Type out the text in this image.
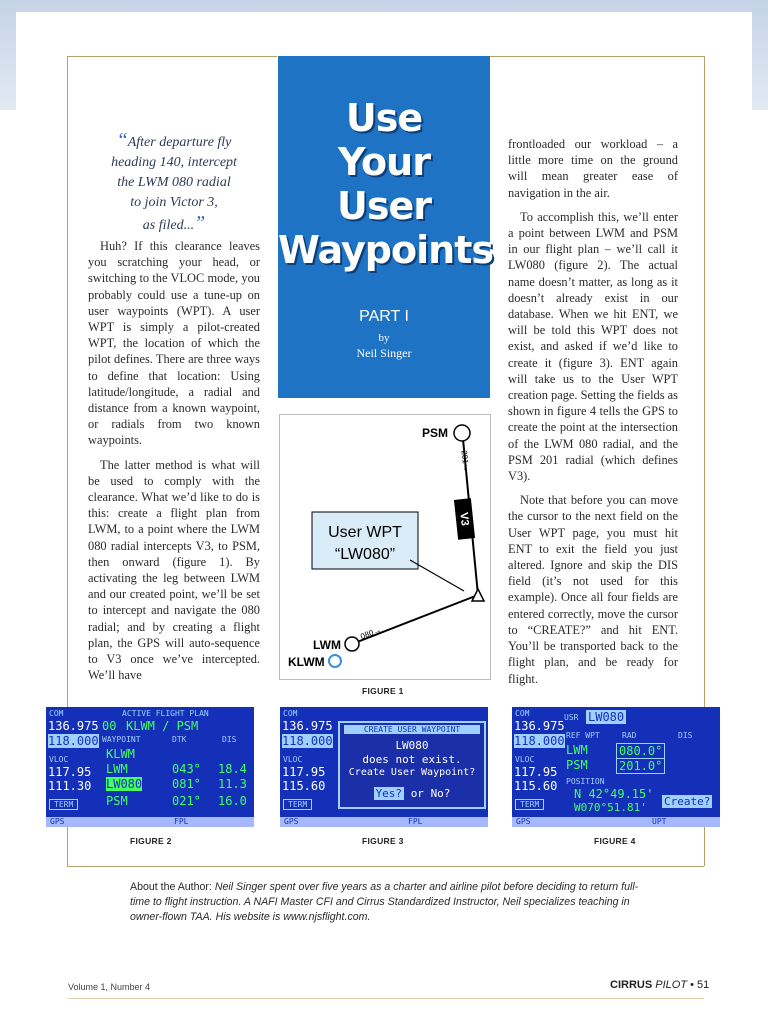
“After departure fly
heading 140, intercept
the LWM 080 radial
to join Victor 3,
as filed...”

Huh? If this clearance leaves you scratching your head, or switching to the VLOC mode, you probably could use a tune-up on user waypoints (WPT). A user WPT is simply a pilot-created WPT, the location of which the pilot defines. There are three ways to define that location: Using latitude/longitude, a radial and distance from a known waypoint, or radials from two known waypoints.

The latter method is what will be used to comply with the clearance. What we’d like to do is this: create a flight plan from LWM, to a point where the LWM 080 radial intercepts V3, to PSM, then onward (figure 1). By activating the leg between LWM and our created point, we’ll be set to intercept and navigate the 080 radial; and by creating a flight plan, the GPS will auto-sequence to V3 once we’ve intercepted. We’ll have

Use
Your
User
Waypoints
PART I
by
Neil Singer
V3
PSM
201→
User WPT
“LW080”
080→
LWM
KLWM
FIGURE 1

frontloaded our workload – a little more time on the ground will mean greater ease of navigation in the air.

To accomplish this, we’ll enter a point between LWM and PSM in our flight plan – we’ll call it LW080 (figure 2). The actual name doesn’t matter, as long as it doesn’t already exist in our database. When we hit ENT, we will be told this WPT does not exist, and asked if we’d like to create it (figure 3). ENT again will take us to the User WPT creation page. Setting the fields as shown in figure 4 tells the GPS to create the point at the intersection of the LWM 080 radial, and the PSM 201 radial (which defines V3).

Note that before you can move the cursor to the next field on the User WPT page, you must hit ENT to exit the field you just altered. Ignore and skip the DIS field (it’s not used for this example). Once all four fields are entered correctly, move the cursor to “CREATE?” and hit ENT. You’ll be transported back to the flight plan, and be ready for flight.

COM
136.975
118.000
VLOC
117.95
111.30
TERM
ACTIVE FLIGHT PLAN
00 KLWM / PSM
WAYPOINT	DTK	DIS
KLWM
LWM	043° 18.4
LW080 081° 11.3
PSM	021° 16.0
GPS	FPL
FIGURE 2
COM
136.975
118.000
VLOC
117.95
115.60
TERM
CREATE USER WAYPOINT
LW080
does not exist.
Create User Waypoint?
Yes? or No?
GPS	FPL
FIGURE 3
COM
136.975
118.000
VLOC
117.95
115.60
TERM
USR LW080
REF WPT	RAD	DIS
LWM	080.0°
PSM	201.0°
POSITION
N 42°49.15'
W070°51.81' Create?
GPS	UPT
FIGURE 4
About the Author: Neil Singer spent over five years as a charter and airline pilot before deciding to return full-time to flight instruction. A NAFI Master CFI and Cirrus Standardized Instructor, Neil specializes teaching in owner-flown TAA. His website is www.njsflight.com.
Volume 1, Number 4	CIRRUS PILOT • 51
